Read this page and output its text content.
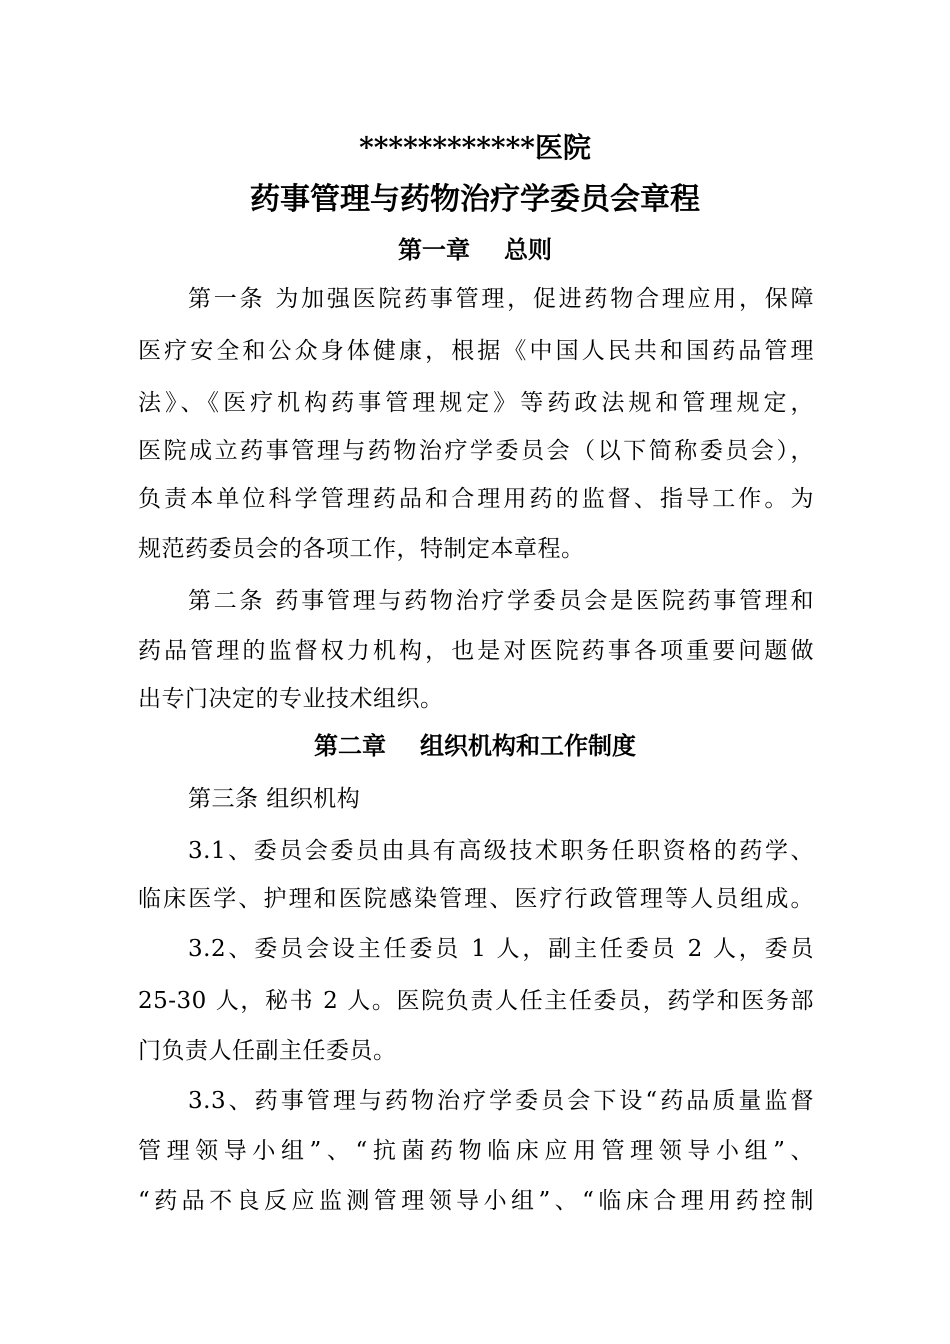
************医院
药事管理与药物治疗学委员会章程
第一章 总则
第一条 为加强医院药事管理，促进药物合理应用，保障
医疗安全和公众身体健康，根据《中国人民共和国药品管理
法》、《医疗机构药事管理规定》等药政法规和管理规定，
医院成立药事管理与药物治疗学委员会（以下简称委员会），
负责本单位科学管理药品和合理用药的监督、指导工作。为
规范药委员会的各项工作，特制定本章程。
第二条 药事管理与药物治疗学委员会是医院药事管理和
药品管理的监督权力机构，也是对医院药事各项重要问题做
出专门决定的专业技术组织。
第二章 组织机构和工作制度
第三条 组织机构
3.1、委员会委员由具有高级技术职务任职资格的药学、
临床医学、护理和医院感染管理、医疗行政管理等人员组成。
3.2、委员会设主任委员 1 人，副主任委员 2 人，委员
25-30 人，秘书 2 人。医院负责人任主任委员，药学和医务部
门负责人任副主任委员。
3.3、药事管理与药物治疗学委员会下设“药品质量监督
管理领导小组”、“抗菌药物临床应用管理领导小组”、
“药品不良反应监测管理领导小组”、“临床合理用药控制
